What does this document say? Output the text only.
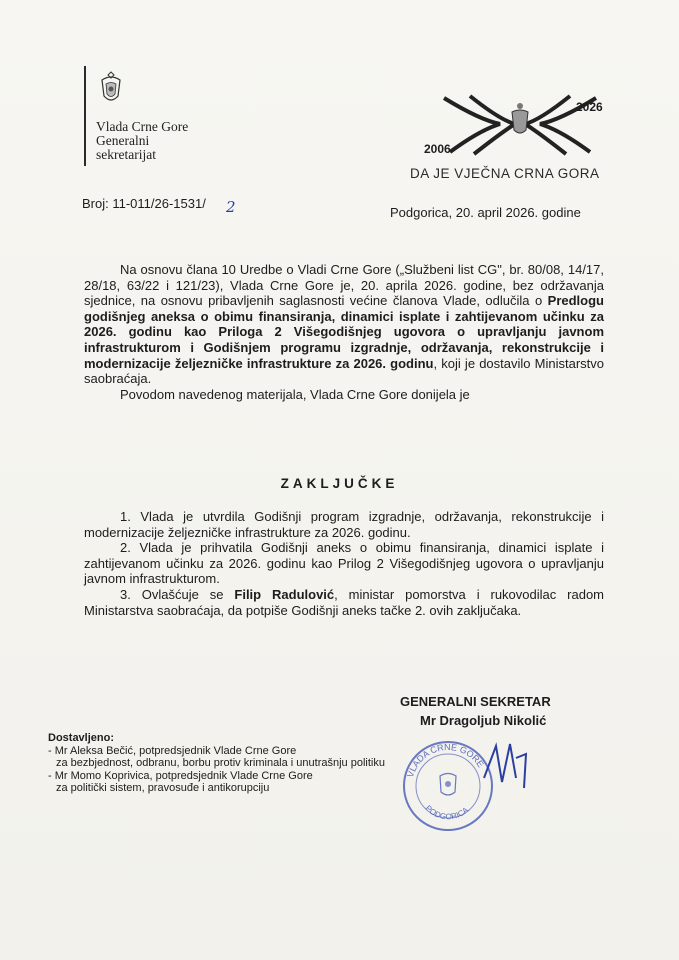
Vlada Crne Gore
Generalni
sekretarijat
2026
2006
DA JE VJEČNA CRNA GORA
Broj: 11-011/26-1531/ 2	Podgorica, 20. april 2026. godine

Na osnovu člana 10 Uredbe o Vladi Crne Gore („Službeni list CG", br. 80/08, 14/17, 28/18, 63/22 i 121/23), Vlada Crne Gore je, 20. aprila 2026. godine, bez održavanja sjednice, na osnovu pribavljenih saglasnosti većine članova Vlade, odlučila o Predlogu godišnjeg aneksa o obimu finansiranja, dinamici isplate i zahtijevanom učinku za 2026. godinu kao Priloga 2 Višegodišnjeg ugovora o upravljanju javnom infrastrukturom i Godišnjem programu izgradnje, održavanja, rekonstrukcije i modernizacije željezničke infrastrukture za 2026. godinu, koji je dostavilo Ministarstvo saobraćaja.

Povodom navedenog materijala, Vlada Crne Gore donijela je

ZAKLJUČKE

1. Vlada je utvrdila Godišnji program izgradnje, održavanja, rekonstrukcije i modernizacije željezničke infrastrukture za 2026. godinu.

2. Vlada je prihvatila Godišnji aneks o obimu finansiranja, dinamici isplate i zahtijevanom učinku za 2026. godinu kao Prilog 2 Višegodišnjeg ugovora o upravljanju javnom infrastrukturom.

3. Ovlašćuje se Filip Radulović, ministar pomorstva i rukovodilac radom Ministarstva saobraćaja, da potpiše Godišnji aneks tačke 2. ovih zaključaka.

GENERALNI SEKRETAR
Mr Dragoljub Nikolić
VLADA CRNE GORE
PODGORICA
Dostavljeno:
- Mr Aleksa Bečić, potpredsjednik Vlade Crne Gore
za bezbjednost, odbranu, borbu protiv kriminala i unutrašnju politiku
- Mr Momo Koprivica, potpredsjednik Vlade Crne Gore
za politički sistem, pravosuđe i antikorupciju
